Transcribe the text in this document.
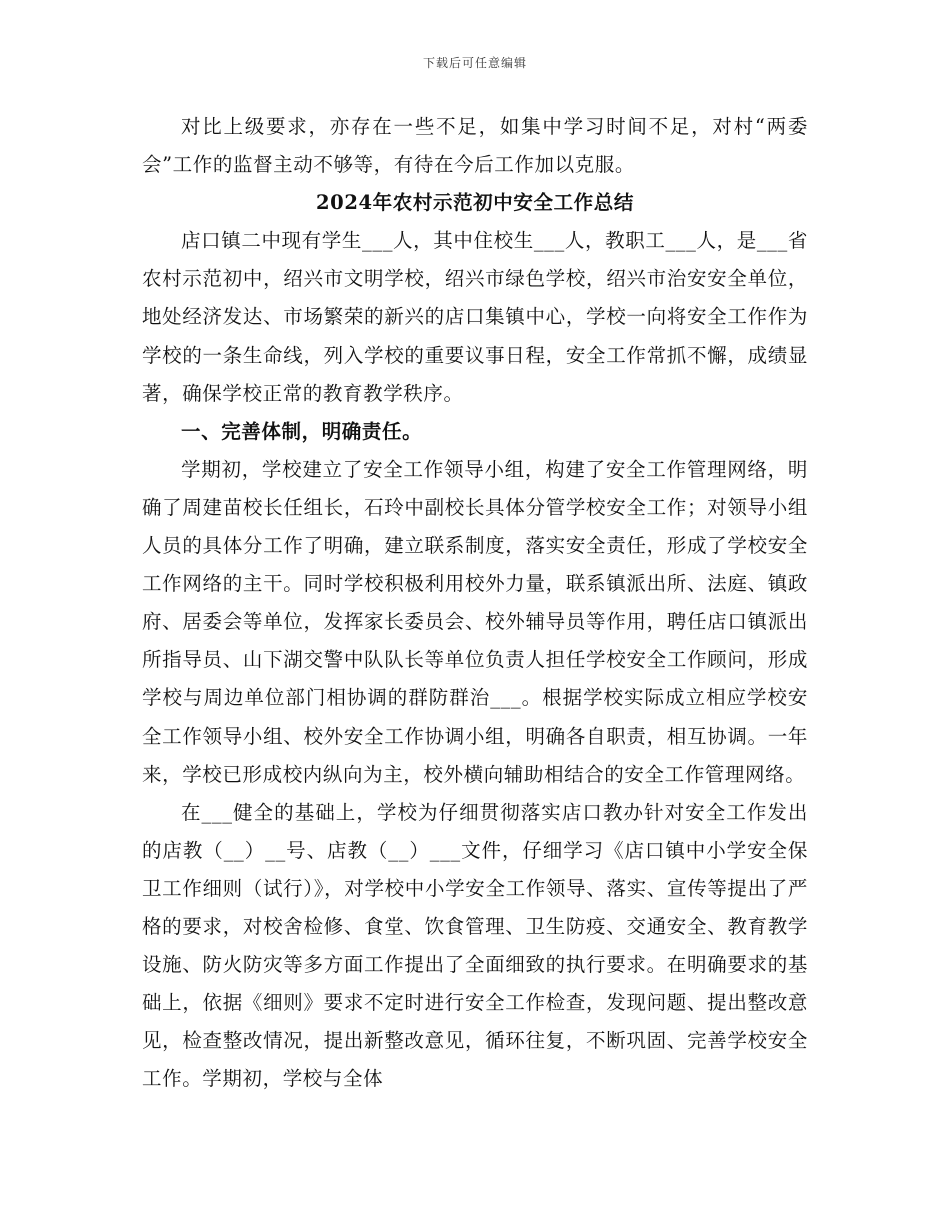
下载后可任意编辑

对比上级要求，亦存在一些不足，如集中学习时间不足，对村“两委会”工作的监督主动不够等，有待在今后工作加以克服。

2024年农村示范初中安全工作总结

店口镇二中现有学生___人，其中住校生___人，教职工___人，是___省农村示范初中，绍兴市文明学校，绍兴市绿色学校，绍兴市治安安全单位，地处经济发达、市场繁荣的新兴的店口集镇中心，学校一向将安全工作作为学校的一条生命线，列入学校的重要议事日程，安全工作常抓不懈，成绩显著，确保学校正常的教育教学秩序。

一、完善体制，明确责任。

学期初，学校建立了安全工作领导小组，构建了安全工作管理网络，明确了周建苗校长任组长，石玲中副校长具体分管学校安全工作；对领导小组人员的具体分工作了明确，建立联系制度，落实安全责任，形成了学校安全工作网络的主干。同时学校积极利用校外力量，联系镇派出所、法庭、镇政府、居委会等单位，发挥家长委员会、校外辅导员等作用，聘任店口镇派出所指导员、山下湖交警中队队长等单位负责人担任学校安全工作顾问，形成学校与周边单位部门相协调的群防群治___。根据学校实际成立相应学校安全工作领导小组、校外安全工作协调小组，明确各自职责，相互协调。一年来，学校已形成校内纵向为主，校外横向辅助相结合的安全工作管理网络。

在___健全的基础上，学校为仔细贯彻落实店口教办针对安全工作发出的店教（__）__号、店教（__）___文件，仔细学习《店口镇中小学安全保卫工作细则（试行）》，对学校中小学安全工作领导、落实、宣传等提出了严格的要求，对校舍检修、食堂、饮食管理、卫生防疫、交通安全、教育教学设施、防火防灾等多方面工作提出了全面细致的执行要求。在明确要求的基础上，依据《细则》要求不定时进行安全工作检查，发现问题、提出整改意见，检查整改情况，提出新整改意见，循环往复，不断巩固、完善学校安全工作。学期初，学校与全体
